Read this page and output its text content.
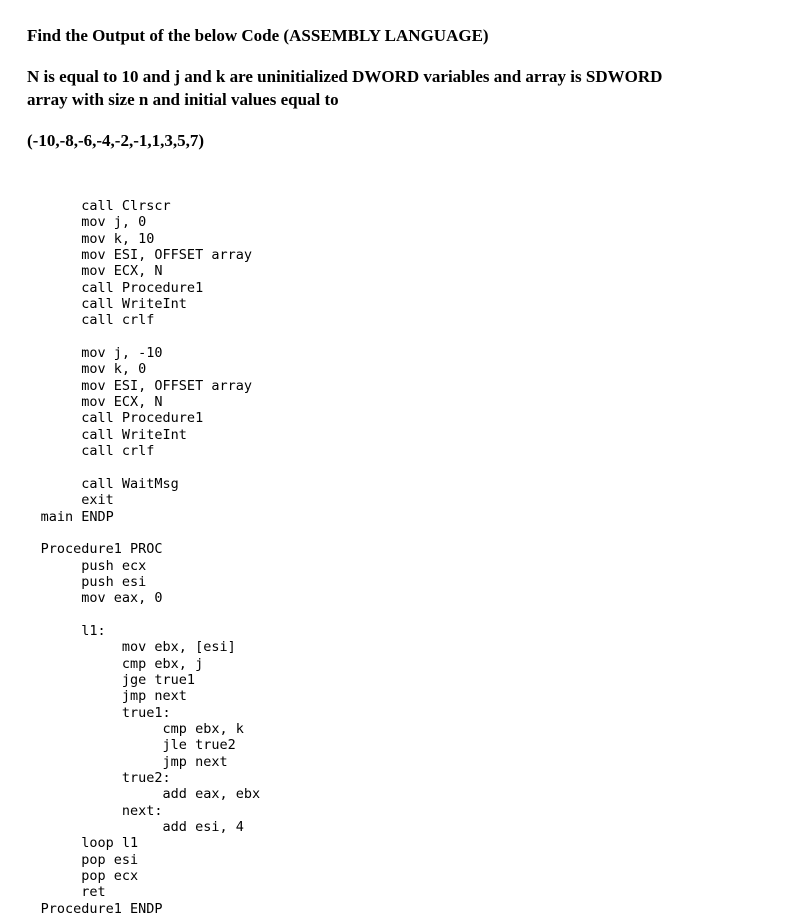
Find the Output of the below Code (ASSEMBLY LANGUAGE)

N is equal to 10 and j and k are uninitialized DWORD variables and array is SDWORD

array with size n and initial values equal to

(-10,-8,-6,-4,-2,-1,1,3,5,7)

call Clrscr
mov j, 0
mov k, 10
mov ESI, OFFSET array
mov ECX, N
call Procedure1
call WriteInt
call crlf
mov j, -10
mov k, 0
mov ESI, OFFSET array
mov ECX, N
call Procedure1
call WriteInt
call crlf
call WaitMsg
exit
main ENDP
Procedure1 PROC
push ecx
push esi
mov eax, 0
l1:
mov ebx, [esi]
cmp ebx, j
jge true1
jmp next
true1:
cmp ebx, k
jle true2
jmp next
true2:
add eax, ebx
next:
add esi, 4
loop l1
pop esi
pop ecx
ret
Procedure1 ENDP
